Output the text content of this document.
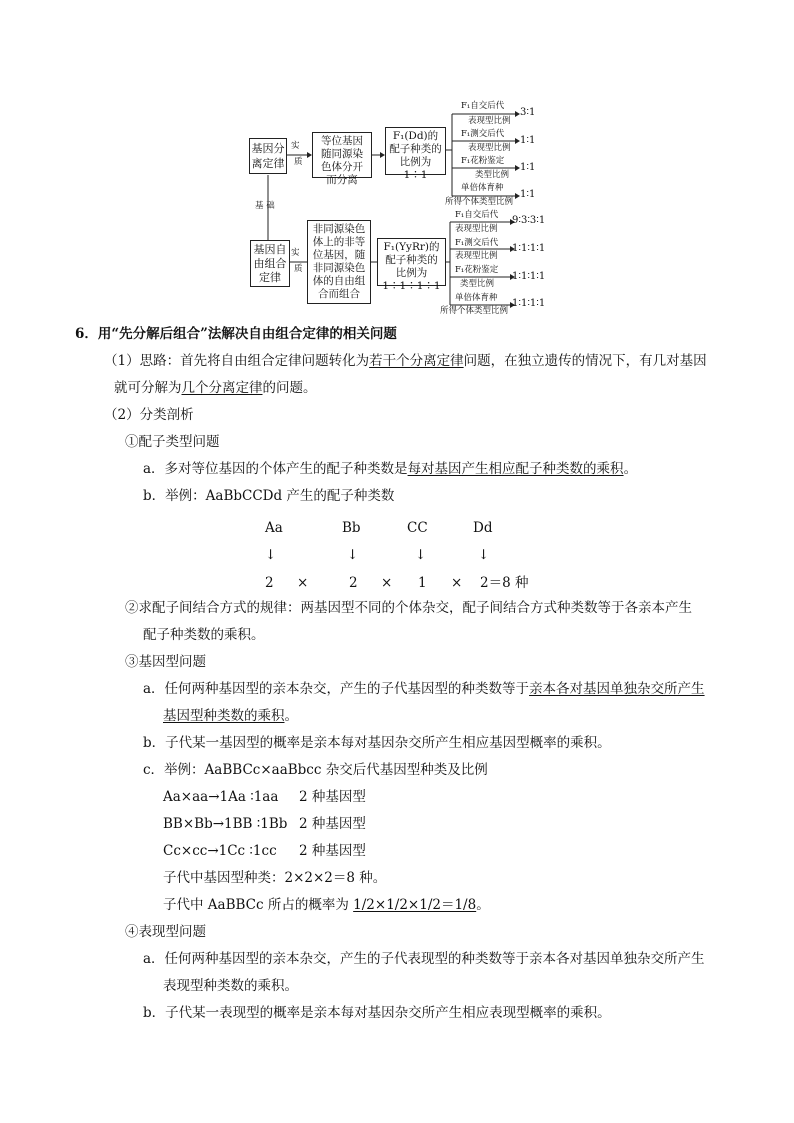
基因分离定律
实
质
等位基因随同源染色体分开而分离
F₁(Dd)的配子种类的比例为1∶1
F₁自交后代
表现型比例
3∶1
F₁测交后代
表现型比例
1∶1
F₁花粉鉴定
类型比例
1∶1
单倍体育种
所得个体类型比例
1∶1
基 础
基因自由组合定律
实
质
非同源染色体上的非等位基因，随非同源染色体的自由组合而组合
F₁(YyRr)的配子种类的比例为1∶1∶1∶1
F₁自交后代
表现型比例
9∶3∶3∶1
F₁测交后代
表现型比例
1∶1∶1∶1
F₁花粉鉴定
类型比例
1∶1∶1∶1
单倍体育种
所得个体类型比例
1∶1∶1∶1
6．用“先分解后组合”法解决自由组合定律的相关问题
（1）思路：首先将自由组合定律问题转化为若干个分离定律问题，在独立遗传的情况下，有几对基因
就可分解为几个分离定律的问题。
（2）分类剖析
①配子类型问题
a．多对等位基因的个体产生的配子种类数是每对基因产生相应配子种类数的乘积。
b．举例：AaBbCCDd 产生的配子种类数
Aa	Bb	CC	Dd
↓	↓	↓	↓
2 ×	2 × 1 × 2＝8 种
②求配子间结合方式的规律：两基因型不同的个体杂交，配子间结合方式种类数等于各亲本产生
配子种类数的乘积。
③基因型问题
a．任何两种基因型的亲本杂交，产生的子代基因型的种类数等于亲本各对基因单独杂交所产生
基因型种类数的乘积。
b．子代某一基因型的概率是亲本每对基因杂交所产生相应基因型概率的乘积。
c．举例：AaBBCc×aaBbcc 杂交后代基因型种类及比例
Aa×aa→1Aa ∶1aa 2 种基因型
BB×Bb→1BB ∶1Bb 2 种基因型
Cc×cc→1Cc ∶1cc 2 种基因型
子代中基因型种类：2×2×2＝8 种。
子代中 AaBBCc 所占的概率为 1/2×1/2×1/2＝1/8。
④表现型问题
a．任何两种基因型的亲本杂交，产生的子代表现型的种类数等于亲本各对基因单独杂交所产生
表现型种类数的乘积。
b．子代某一表现型的概率是亲本每对基因杂交所产生相应表现型概率的乘积。
